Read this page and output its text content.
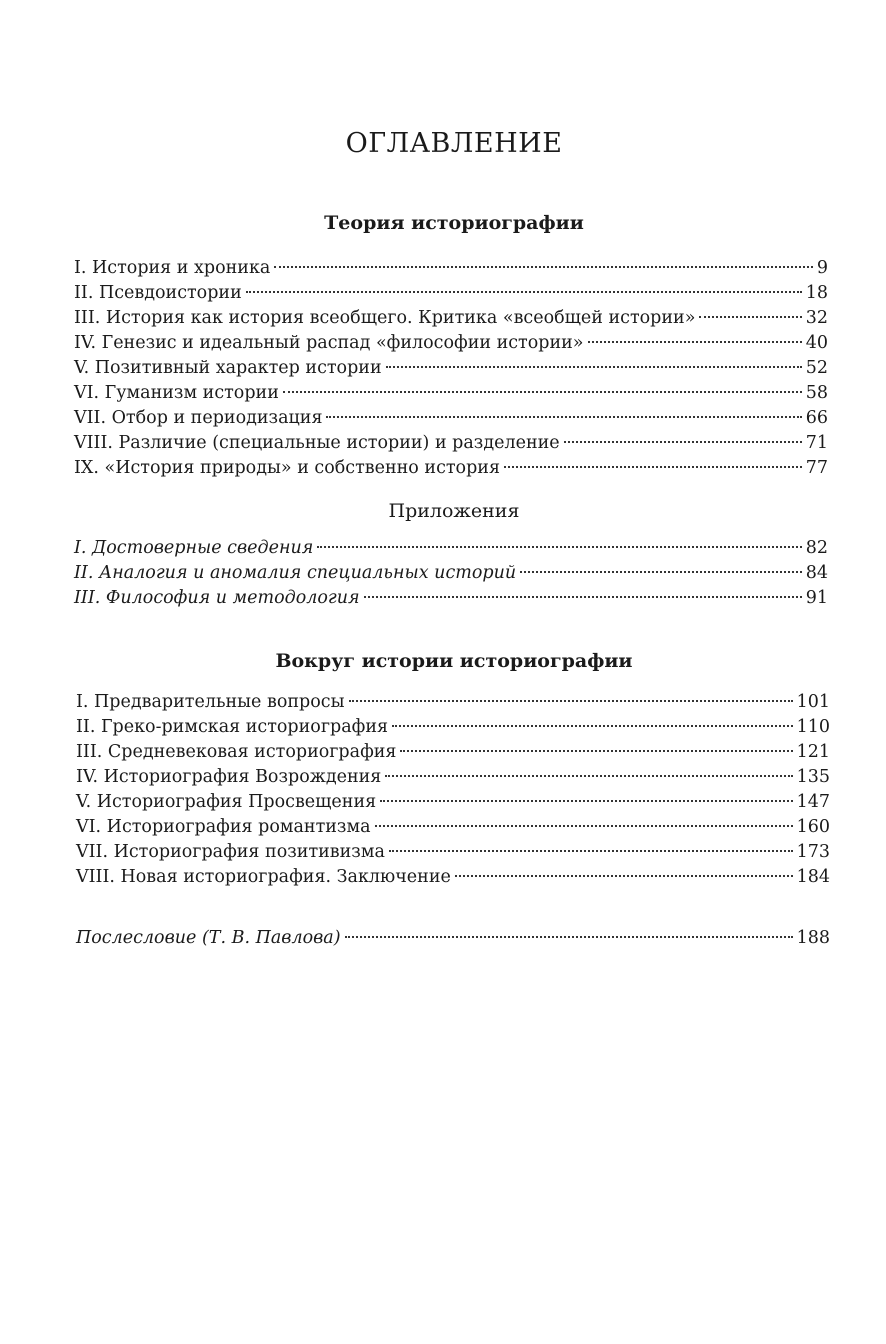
ОГЛАВЛЕНИЕ
Теория историографии
I. История и хроника	9
II. Псевдоистории	18
III. История как история всеобщего. Критика «всеобщей истории»	32
IV. Генезис и идеальный распад «философии истории»	40
V. Позитивный характер истории	52
VI. Гуманизм истории	58
VII. Отбор и периодизация	66
VIII. Различие (специальные истории) и разделение	71
IX. «История природы» и собственно история	77
Приложения
I. Достоверные сведения	82
II. Аналогия и аномалия специальных историй	84
III. Философия и методология	91
Вокруг истории историографии
I. Предварительные вопросы	101
II. Греко-римская историография	110
III. Средневековая историография	121
IV. Историография Возрождения	135
V. Историография Просвещения	147
VI. Историография романтизма	160
VII. Историография позитивизма	173
VIII. Новая историография. Заключение	184
Послесловие (Т. В. Павлова)	188
